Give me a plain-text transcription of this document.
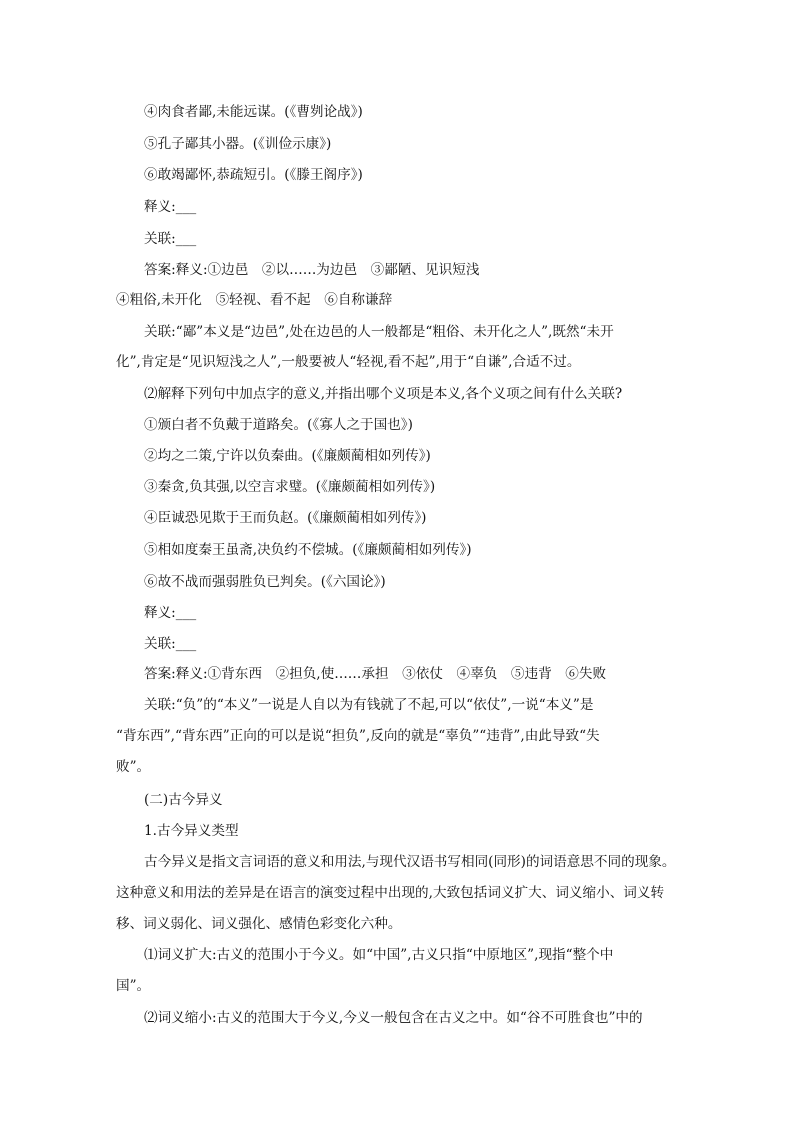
④肉食者鄙,未能远谋。(《曹刿论战》)
⑤孔子鄙其小器。(《训俭示康》)
⑥敢竭鄙怀,恭疏短引。(《滕王阁序》)
释义:___
关联:___
答案:释义:①边邑　②以……为边邑　③鄙陋、见识短浅
④粗俗,未开化　⑤轻视、看不起　⑥自称谦辞
关联:“鄙”本义是“边邑”,处在边邑的人一般都是“粗俗、未开化之人”,既然“未开
化”,肯定是“见识短浅之人”,一般要被人“轻视,看不起”,用于“自谦”,合适不过。
⑵解释下列句中加点字的意义,并指出哪个义项是本义,各个义项之间有什么关联?
①颁白者不负戴于道路矣。(《寡人之于国也》)
②均之二策,宁许以负秦曲。(《廉颇蔺相如列传》)
③秦贪,负其强,以空言求璧。(《廉颇蔺相如列传》)
④臣诚恐见欺于王而负赵。(《廉颇蔺相如列传》)
⑤相如度秦王虽斋,决负约不偿城。(《廉颇蔺相如列传》)
⑥故不战而强弱胜负已判矣。(《六国论》)
释义:___
关联:___
答案:释义:①背东西　②担负,使……承担　③依仗　④辜负　⑤违背　⑥失败
关联:“负”的“本义”一说是人自以为有钱就了不起,可以“依仗”,一说“本义”是
“背东西”,“背东西”正向的可以是说“担负”,反向的就是“辜负”“违背”,由此导致“失
败”。
(二)古今异义
1.古今异义类型
古今异义是指文言词语的意义和用法,与现代汉语书写相同(同形)的词语意思不同的现象。
这种意义和用法的差异是在语言的演变过程中出现的,大致包括词义扩大、词义缩小、词义转
移、词义弱化、词义强化、感情色彩变化六种。
⑴词义扩大:古义的范围小于今义。如“中国”,古义只指“中原地区”,现指“整个中
国”。
⑵词义缩小:古义的范围大于今义,今义一般包含在古义之中。如“谷不可胜食也”中的
